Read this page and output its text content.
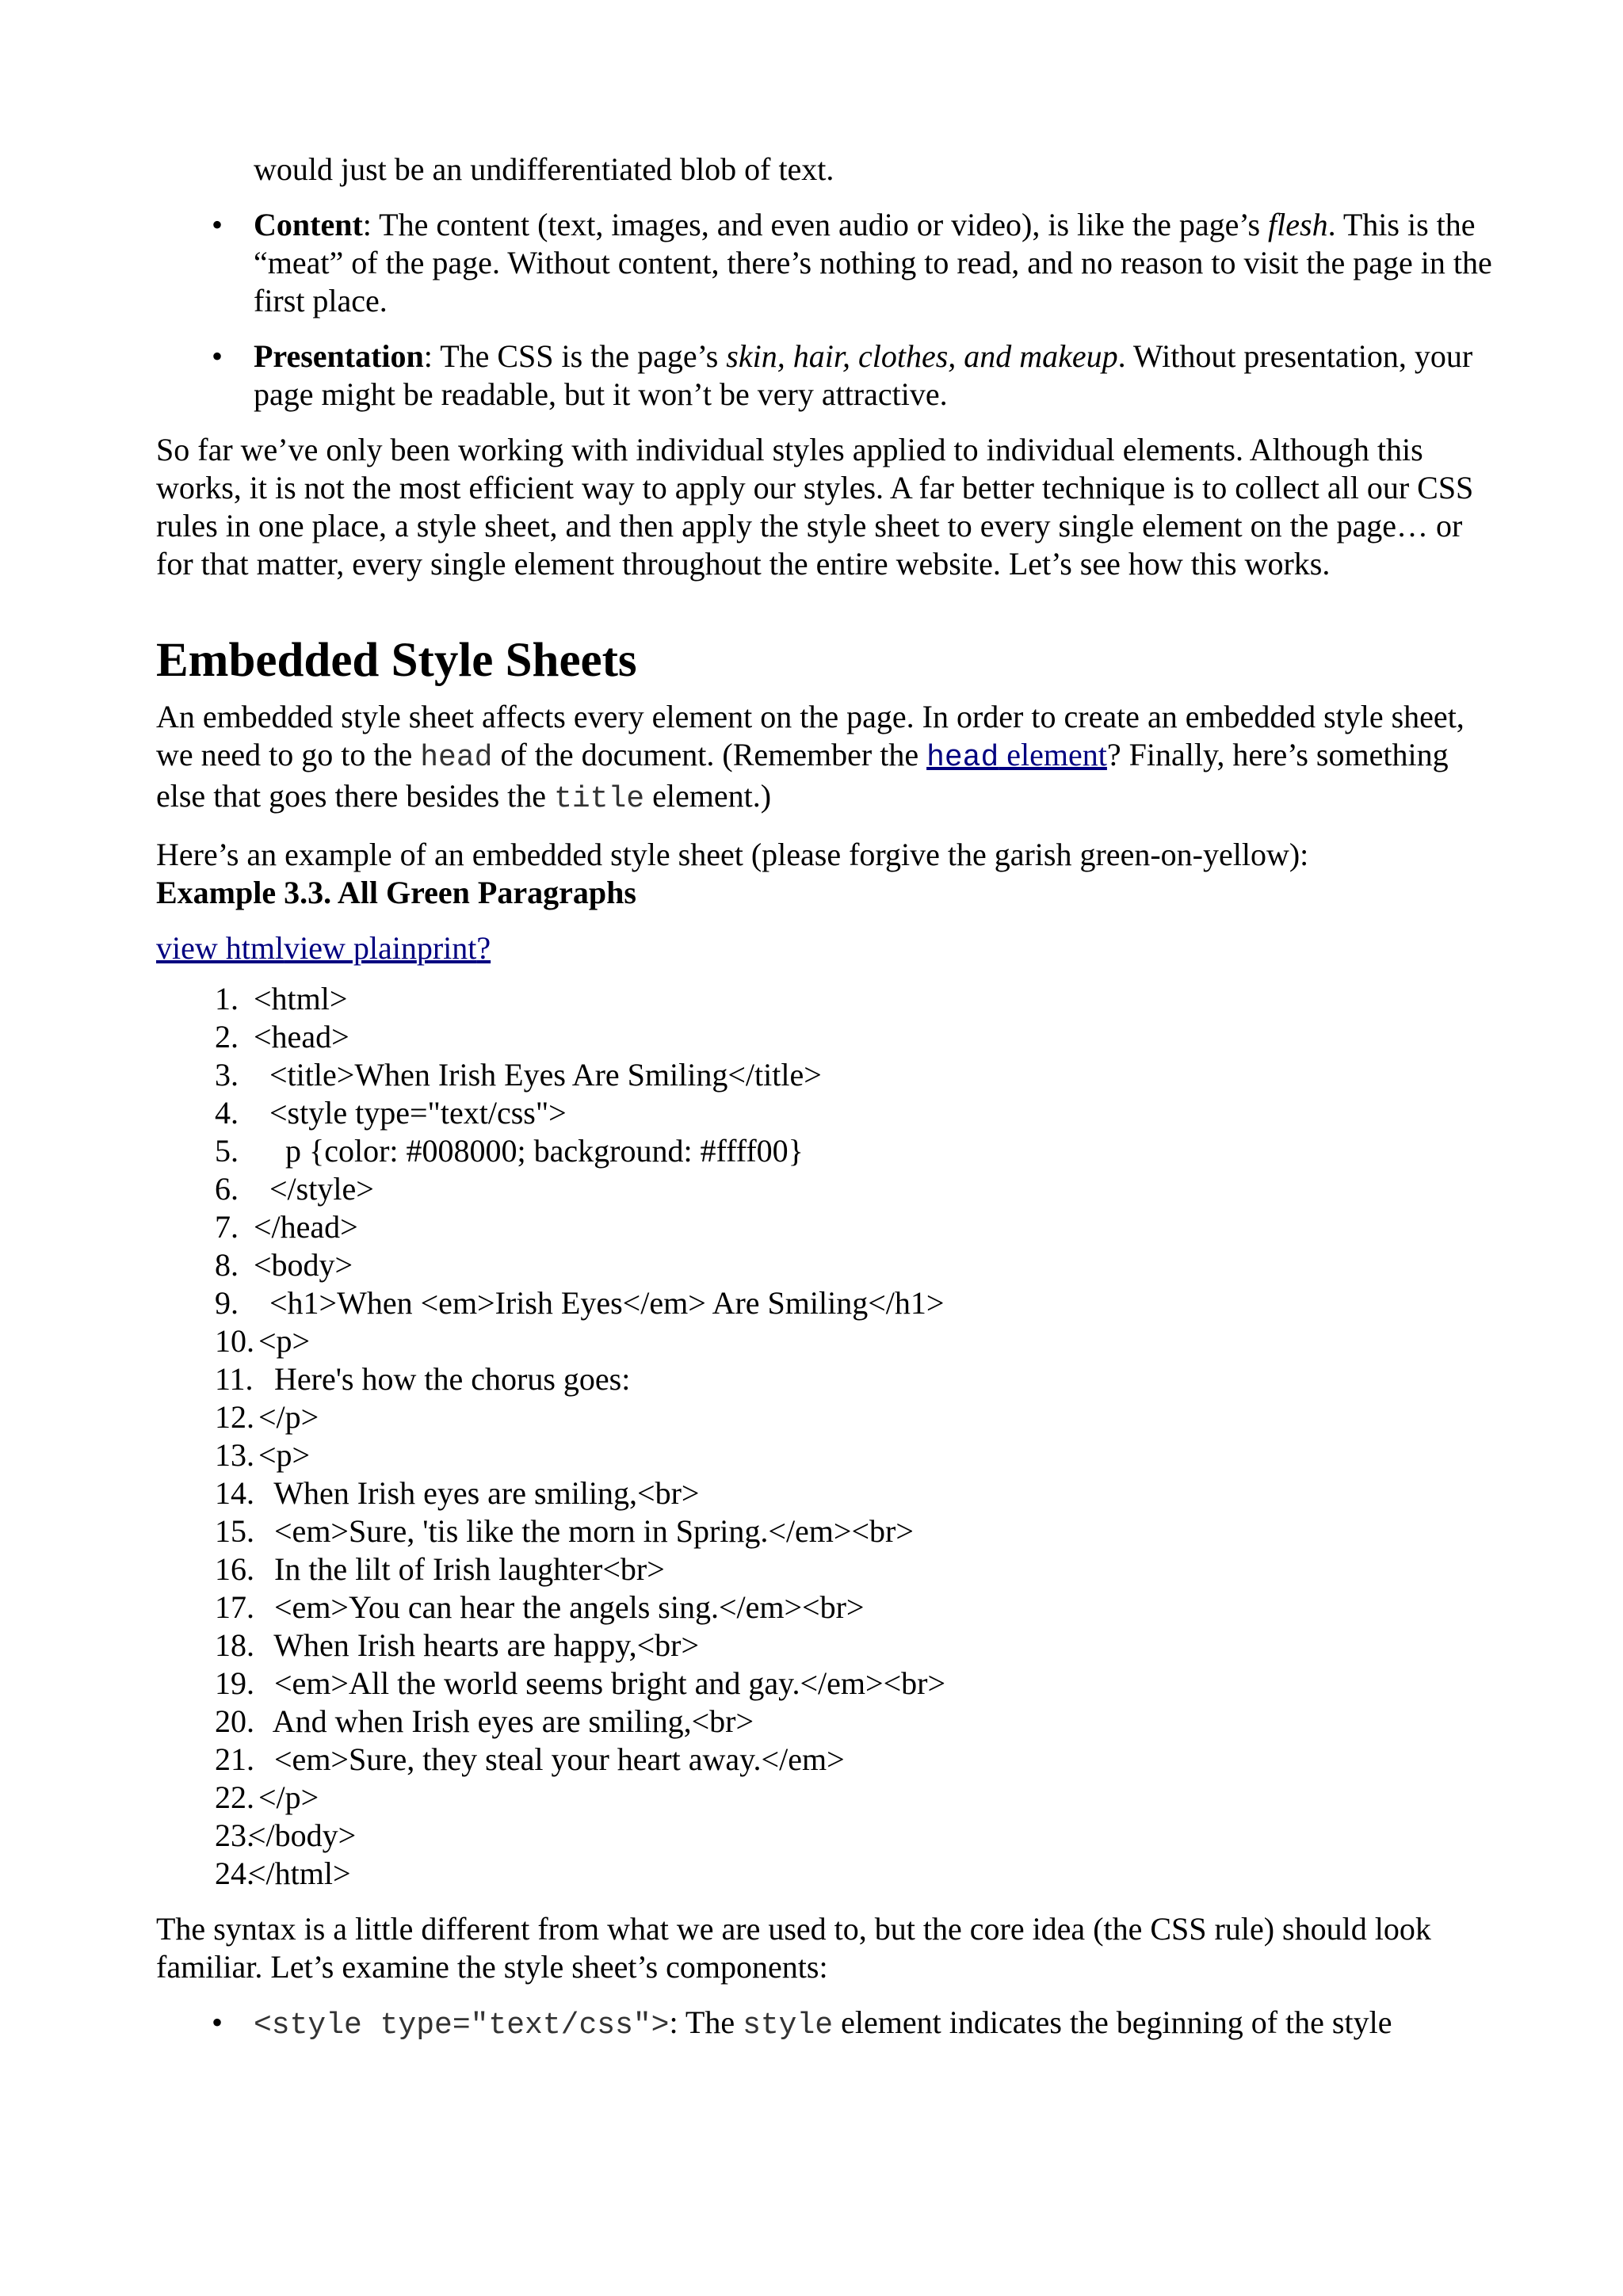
would just be an undifferentiated blob of text.

• Content: The content (text, images, and even audio or video), is like the page’s flesh. This is the “meat” of the page. Without content, there’s nothing to read, and no reason to visit the page in the first place.
• Presentation: The CSS is the page’s skin, hair, clothes, and makeup. Without presentation, your page might be readable, but it won’t be very attractive.

So far we’ve only been working with individual styles applied to individual elements. Although this works, it is not the most efficient way to apply our styles. A far better technique is to collect all our CSS rules in one place, a style sheet, and then apply the style sheet to every single element on the page… or for that matter, every single element throughout the entire website. Let’s see how this works.

Embedded Style Sheets

An embedded style sheet affects every element on the page. In order to create an embedded style sheet, we need to go to the head of the document. (Remember the head element? Finally, here’s something else that goes there besides the title element.)

Here’s an example of an embedded style sheet (please forgive the garish green-on-yellow):

Example 3.3. All Green Paragraphs

view htmlview plainprint?
1. <html>
2. <head>
3. <title>When Irish Eyes Are Smiling</title>
4. <style type="text/css">
5. p {color: #008000; background: #ffff00}
6. </style>
7. </head>
8. <body>
9. <h1>When <em>Irish Eyes</em> Are Smiling</h1>
10. <p>
11. Here's how the chorus goes:
12. </p>
13. <p>
14. When Irish eyes are smiling,<br>
15. <em>Sure, 'tis like the morn in Spring.</em><br>
16. In the lilt of Irish laughter<br>
17. <em>You can hear the angels sing.</em><br>
18. When Irish hearts are happy,<br>
19. <em>All the world seems bright and gay.</em><br>
20. And when Irish eyes are smiling,<br>
21. <em>Sure, they steal your heart away.</em>
22. </p>
23.
</body>
24.
</html>

The syntax is a little different from what we are used to, but the core idea (the CSS rule) should look familiar. Let’s examine the style sheet’s components:

• <style type="text/css">: The style element indicates the beginning of the style
